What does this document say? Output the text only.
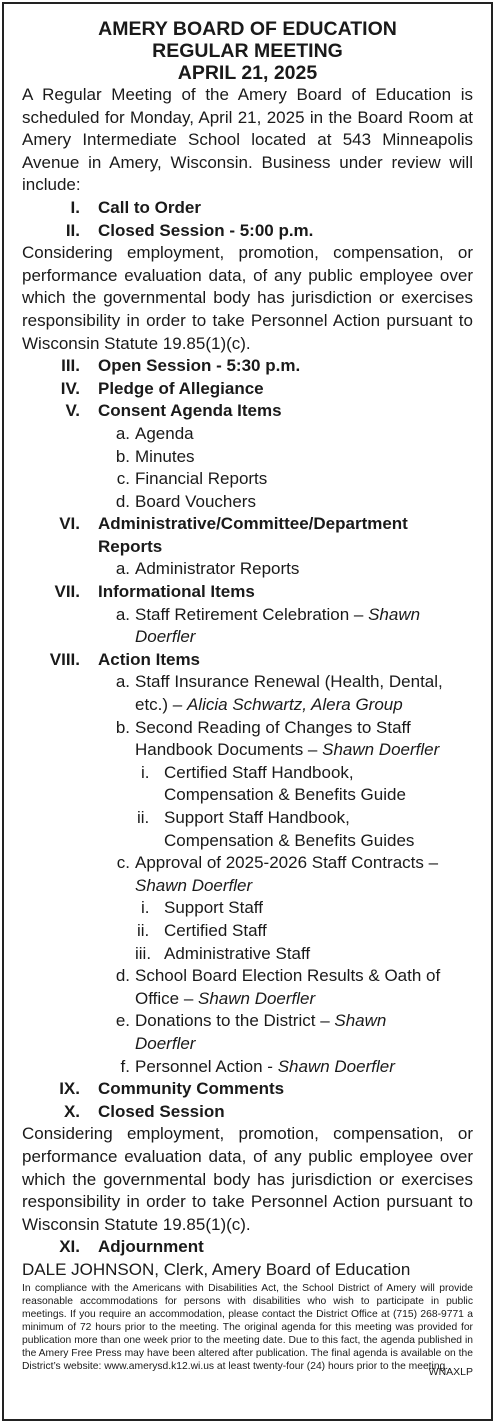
AMERY BOARD OF EDUCATION
REGULAR MEETING
APRIL 21, 2025
A Regular Meeting of the Amery Board of Education is scheduled for Monday, April 21, 2025 in the Board Room at Amery Intermediate School located at 543 Minneapolis Avenue in Amery, Wisconsin. Business under review will include:
I.	Call to Order
II.	Closed Session - 5:00 p.m.
Considering employment, promotion, compensation, or performance evaluation data, of any public employee over which the governmental body has jurisdiction or exercises responsibility in order to take Personnel Action pursuant to Wisconsin Statute 19.85(1)(c).
III.	Open Session - 5:30 p.m.
IV.	Pledge of Allegiance
V.	Consent Agenda Items
a. Agenda
b. Minutes
c. Financial Reports
d. Board Vouchers
VI.	Administrative/Committee/Department
Reports
a. Administrator Reports
VII.	Informational Items
a. Staff Retirement Celebration – Shawn
Doerfler
VIII.	Action Items
a. Staff Insurance Renewal (Health, Dental,
etc.) – Alicia Schwartz, Alera Group
b. Second Reading of Changes to Staff
Handbook Documents – Shawn Doerfler
i. Certified Staff Handbook,
Compensation & Benefits Guide
ii. Support Staff Handbook,
Compensation & Benefits Guides
c. Approval of 2025-2026 Staff Contracts –
Shawn Doerfler
i. Support Staff
ii. Certified Staff
iii. Administrative Staff
d. School Board Election Results & Oath of
Office – Shawn Doerfler
e. Donations to the District – Shawn
Doerfler
f. Personnel Action - Shawn Doerfler
IX.	Community Comments
X.	Closed Session
Considering employment, promotion, compensation, or performance evaluation data, of any public employee over which the governmental body has jurisdiction or exercises responsibility in order to take Personnel Action pursuant to Wisconsin Statute 19.85(1)(c).
XI.	Adjournment
DALE JOHNSON, Clerk, Amery Board of Education
In compliance with the Americans with Disabilities Act, the School District of Amery will provide reasonable accommodations for persons with disabilities who wish to participate in public meetings. If you require an accommodation, please contact the District Office at (715) 268-9771 a minimum of 72 hours prior to the meeting. The original agenda for this meeting was provided for publication more than one week prior to the meeting date. Due to this fact, the agenda published in the Amery Free Press may have been altered after publication. The final agenda is available on the District’s website: www.amerysd.k12.wi.us at least twenty-four (24) hours prior to the meeting.
WNAXLP
